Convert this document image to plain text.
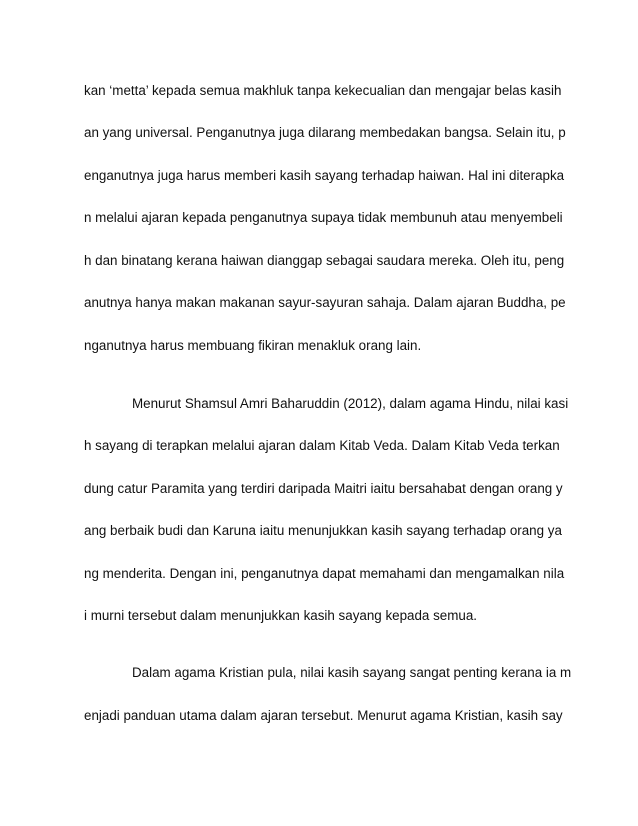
kan ‘metta’ kepada semua makhluk tanpa kekecualian dan mengajar belas kasih
an yang universal. Penganutnya juga dilarang membedakan bangsa. Selain itu, p
enganutnya juga harus memberi kasih sayang terhadap haiwan. Hal ini diterapka
n melalui ajaran kepada penganutnya supaya tidak membunuh atau menyembeli
h dan binatang kerana haiwan dianggap sebagai saudara mereka. Oleh itu, peng
anutnya hanya makan makanan sayur-sayuran sahaja. Dalam ajaran Buddha, pe
nganutnya harus membuang fikiran menakluk orang lain.
Menurut Shamsul Amri Baharuddin (2012), dalam agama Hindu, nilai kasi
h sayang di terapkan melalui ajaran dalam Kitab Veda. Dalam Kitab Veda terkan
dung catur Paramita yang terdiri daripada Maitri iaitu bersahabat dengan orang y
ang berbaik budi dan Karuna iaitu menunjukkan kasih sayang terhadap orang ya
ng menderita. Dengan ini, penganutnya dapat memahami dan mengamalkan nila
i murni tersebut dalam menunjukkan kasih sayang kepada semua.
Dalam agama Kristian pula, nilai kasih sayang sangat penting kerana ia m
enjadi panduan utama dalam ajaran tersebut. Menurut agama Kristian, kasih say
